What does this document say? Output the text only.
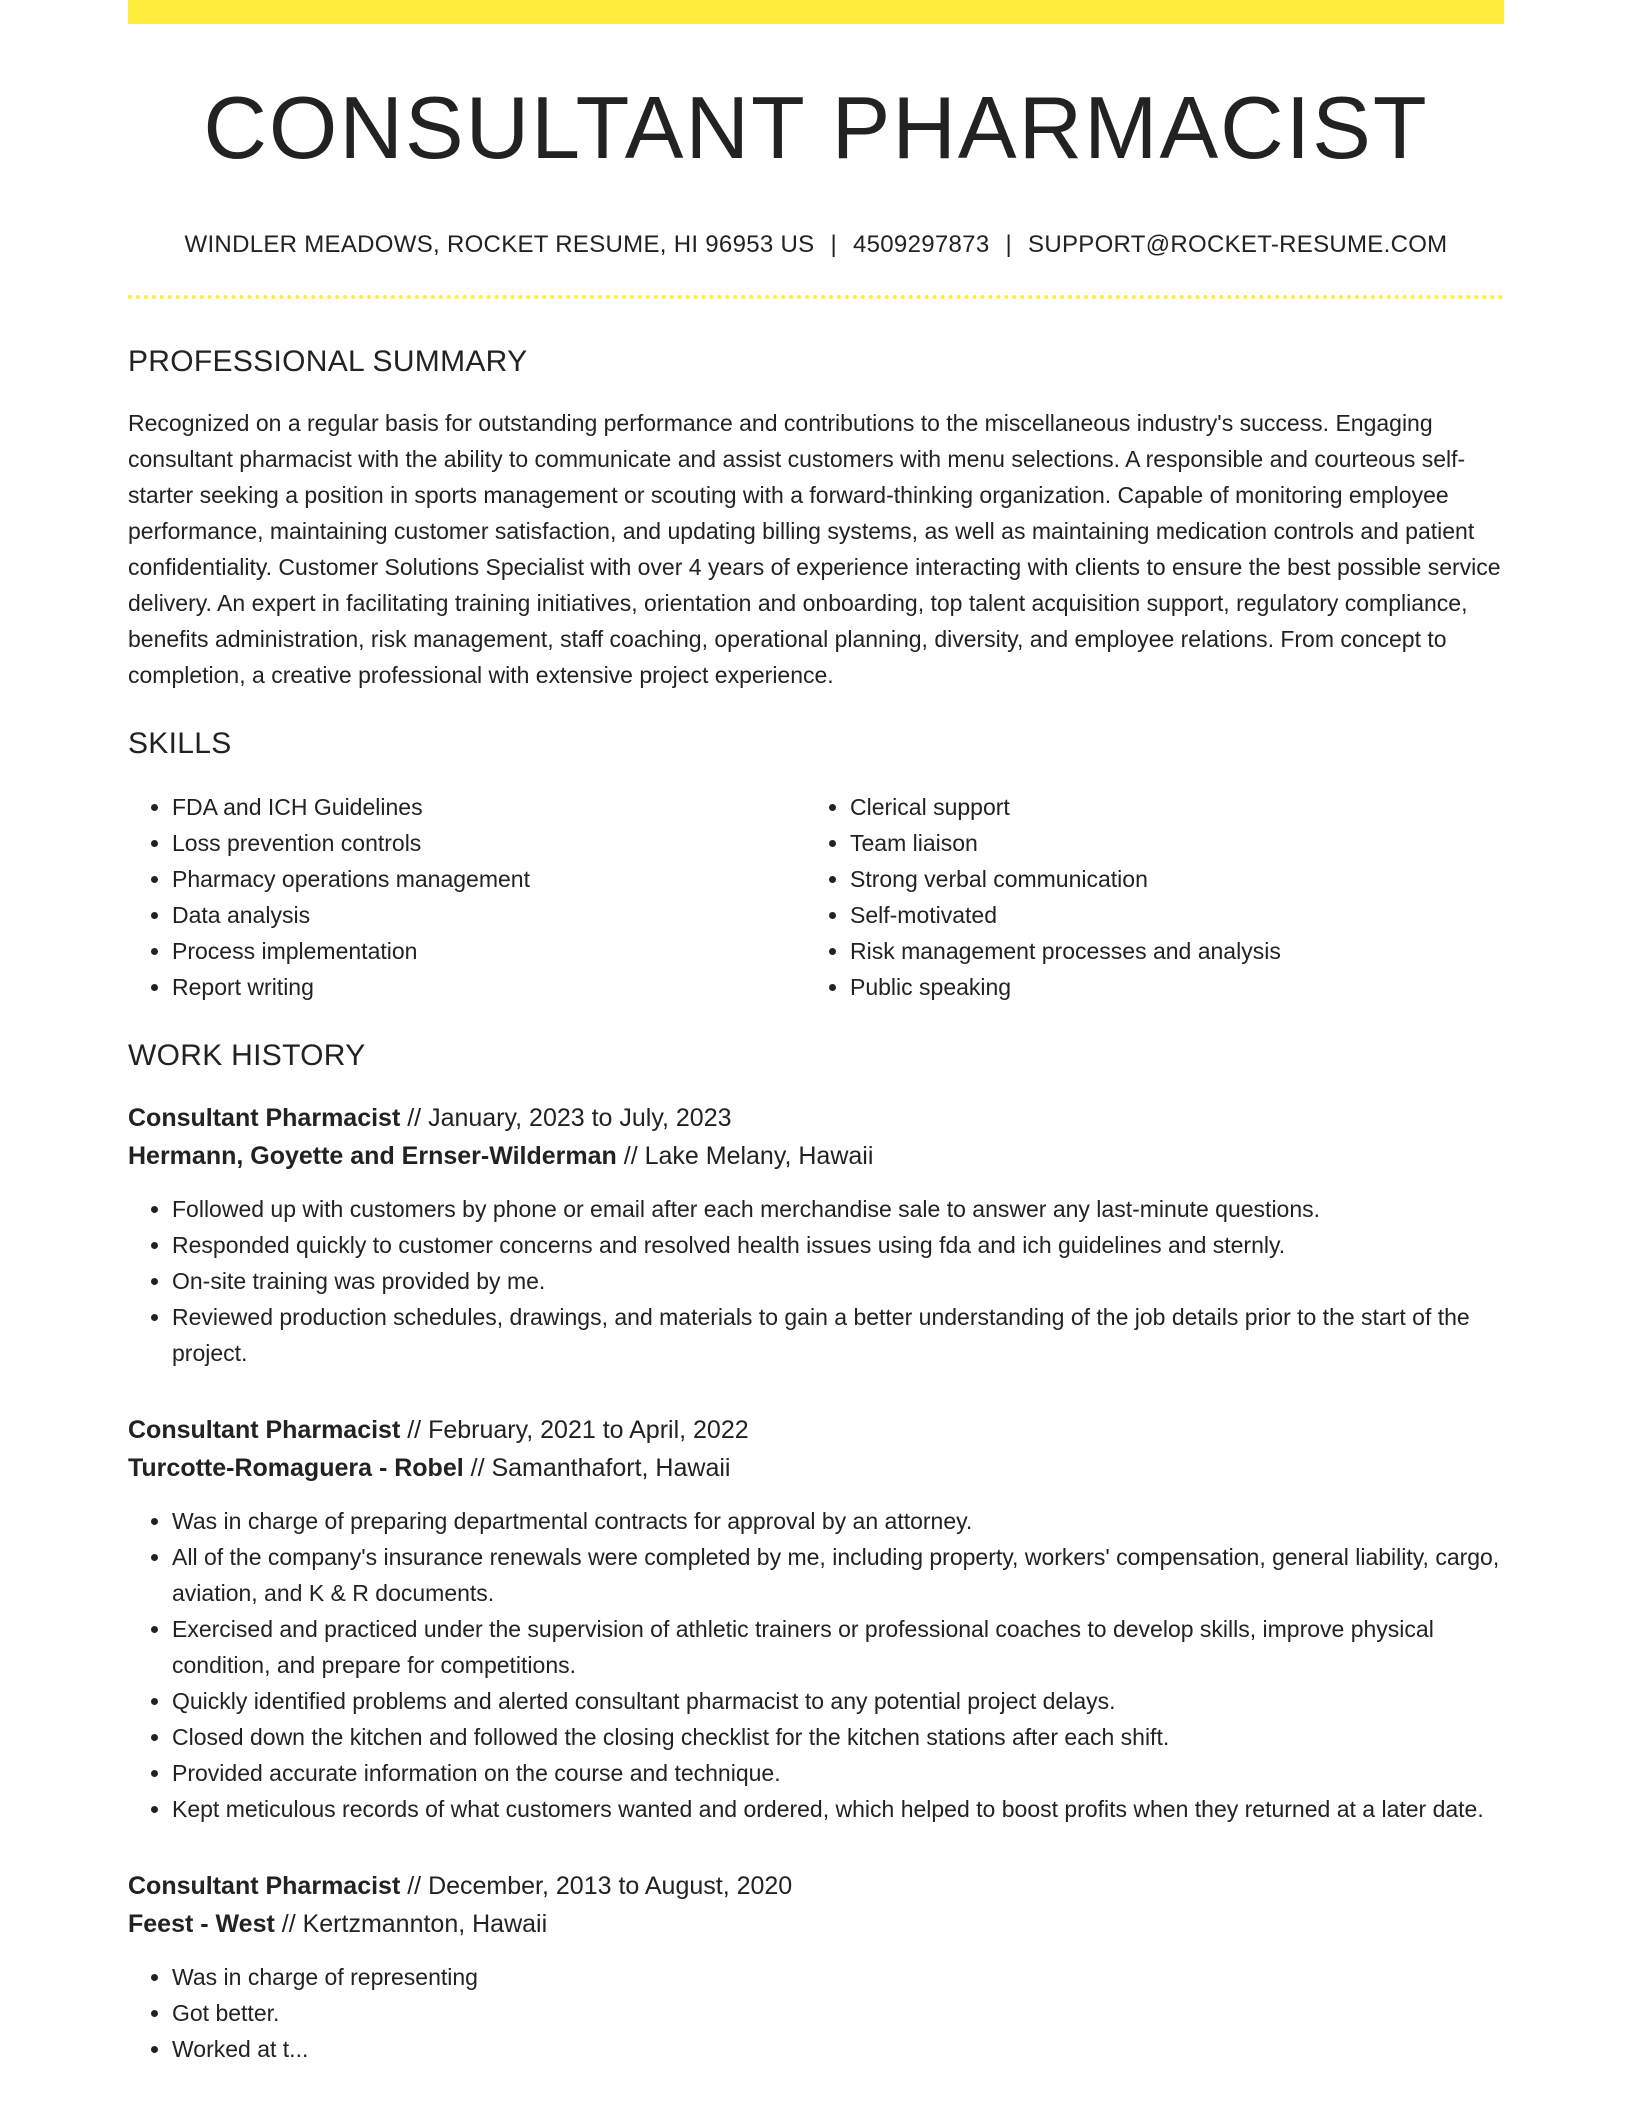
CONSULTANT PHARMACIST
WINDLER MEADOWS, ROCKET RESUME, HI 96953 US | 4509297873 | SUPPORT@ROCKET-RESUME.COM
PROFESSIONAL SUMMARY

Recognized on a regular basis for outstanding performance and contributions to the miscellaneous industry's success. Engaging consultant pharmacist with the ability to communicate and assist customers with menu selections. A responsible and courteous self-starter seeking a position in sports management or scouting with a forward-thinking organization. Capable of monitoring employee performance, maintaining customer satisfaction, and updating billing systems, as well as maintaining medication controls and patient confidentiality. Customer Solutions Specialist with over 4 years of experience interacting with clients to ensure the best possible service delivery. An expert in facilitating training initiatives, orientation and onboarding, top talent acquisition support, regulatory compliance, benefits administration, risk management, staff coaching, operational planning, diversity, and employee relations. From concept to completion, a creative professional with extensive project experience.

SKILLS
• FDA and ICH Guidelines
• Loss prevention controls
• Pharmacy operations management
• Data analysis
• Process implementation
• Report writing
• Clerical support
• Team liaison
• Strong verbal communication
• Self-motivated
• Risk management processes and analysis
• Public speaking
WORK HISTORY
Consultant Pharmacist // January, 2023 to July, 2023
Hermann, Goyette and Ernser-Wilderman // Lake Melany, Hawaii
• Followed up with customers by phone or email after each merchandise sale to answer any last-minute questions.
• Responded quickly to customer concerns and resolved health issues using fda and ich guidelines and sternly.
• On-site training was provided by me.
• Reviewed production schedules, drawings, and materials to gain a better understanding of the job details prior to the start of the project.
Consultant Pharmacist // February, 2021 to April, 2022
Turcotte-Romaguera - Robel // Samanthafort, Hawaii
• Was in charge of preparing departmental contracts for approval by an attorney.
• All of the company's insurance renewals were completed by me, including property, workers' compensation, general liability, cargo, aviation, and K & R documents.
• Exercised and practiced under the supervision of athletic trainers or professional coaches to develop skills, improve physical condition, and prepare for competitions.
• Quickly identified problems and alerted consultant pharmacist to any potential project delays.
• Closed down the kitchen and followed the closing checklist for the kitchen stations after each shift.
• Provided accurate information on the course and technique.
• Kept meticulous records of what customers wanted and ordered, which helped to boost profits when they returned at a later date.
Consultant Pharmacist // December, 2013 to August, 2020
Feest - West // Kertzmannton, Hawaii
• Was in charge of representing
• Got better.
• Worked at t...
